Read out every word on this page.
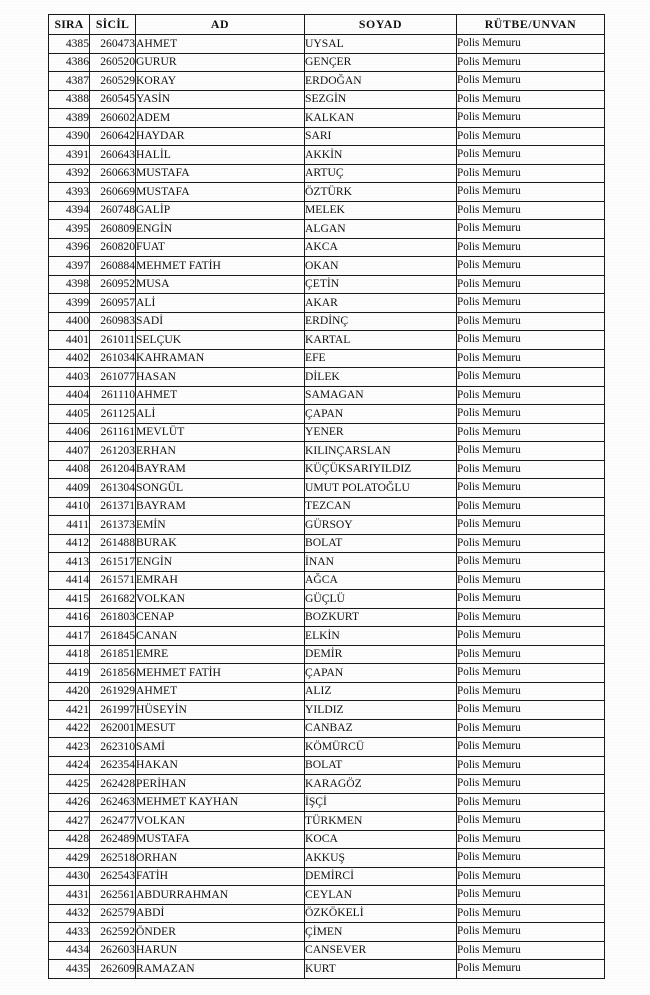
SIRA	SİCİL	AD	SOYAD	RÜTBE/UNVAN
4385	260473	AHMET	UYSAL	Polis Memuru
4386	260520	GURUR	GENÇER	Polis Memuru
4387	260529	KORAY	ERDOĞAN	Polis Memuru
4388	260545	YASİN	SEZGİN	Polis Memuru
4389	260602	ADEM	KALKAN	Polis Memuru
4390	260642	HAYDAR	SARI	Polis Memuru
4391	260643	HALİL	AKKİN	Polis Memuru
4392	260663	MUSTAFA	ARTUÇ	Polis Memuru
4393	260669	MUSTAFA	ÖZTÜRK	Polis Memuru
4394	260748	GALİP	MELEK	Polis Memuru
4395	260809	ENGİN	ALGAN	Polis Memuru
4396	260820	FUAT	AKCA	Polis Memuru
4397	260884	MEHMET FATİH	OKAN	Polis Memuru
4398	260952	MUSA	ÇETİN	Polis Memuru
4399	260957	ALİ	AKAR	Polis Memuru
4400	260983	SADİ	ERDİNÇ	Polis Memuru
4401	261011	SELÇUK	KARTAL	Polis Memuru
4402	261034	KAHRAMAN	EFE	Polis Memuru
4403	261077	HASAN	DİLEK	Polis Memuru
4404	261110	AHMET	SAMAGAN	Polis Memuru
4405	261125	ALİ	ÇAPAN	Polis Memuru
4406	261161	MEVLÜT	YENER	Polis Memuru
4407	261203	ERHAN	KILINÇARSLAN	Polis Memuru
4408	261204	BAYRAM	KÜÇÜKSARIYILDIZ	Polis Memuru
4409	261304	SONGÜL	UMUT POLATOĞLU	Polis Memuru
4410	261371	BAYRAM	TEZCAN	Polis Memuru
4411	261373	EMİN	GÜRSOY	Polis Memuru
4412	261488	BURAK	BOLAT	Polis Memuru
4413	261517	ENGİN	İNAN	Polis Memuru
4414	261571	EMRAH	AĞCA	Polis Memuru
4415	261682	VOLKAN	GÜÇLÜ	Polis Memuru
4416	261803	CENAP	BOZKURT	Polis Memuru
4417	261845	CANAN	ELKİN	Polis Memuru
4418	261851	EMRE	DEMİR	Polis Memuru
4419	261856	MEHMET FATİH	ÇAPAN	Polis Memuru
4420	261929	AHMET	ALIZ	Polis Memuru
4421	261997	HÜSEYİN	YILDIZ	Polis Memuru
4422	262001	MESUT	CANBAZ	Polis Memuru
4423	262310	SAMİ	KÖMÜRCÜ	Polis Memuru
4424	262354	HAKAN	BOLAT	Polis Memuru
4425	262428	PERİHAN	KARAGÖZ	Polis Memuru
4426	262463	MEHMET KAYHAN	İŞÇİ	Polis Memuru
4427	262477	VOLKAN	TÜRKMEN	Polis Memuru
4428	262489	MUSTAFA	KOCA	Polis Memuru
4429	262518	ORHAN	AKKUŞ	Polis Memuru
4430	262543	FATİH	DEMİRCİ	Polis Memuru
4431	262561	ABDURRAHMAN	CEYLAN	Polis Memuru
4432	262579	ABDİ	ÖZKÖKELİ	Polis Memuru
4433	262592	ÖNDER	ÇİMEN	Polis Memuru
4434	262603	HARUN	CANSEVER	Polis Memuru
4435	262609	RAMAZAN	KURT	Polis Memuru
